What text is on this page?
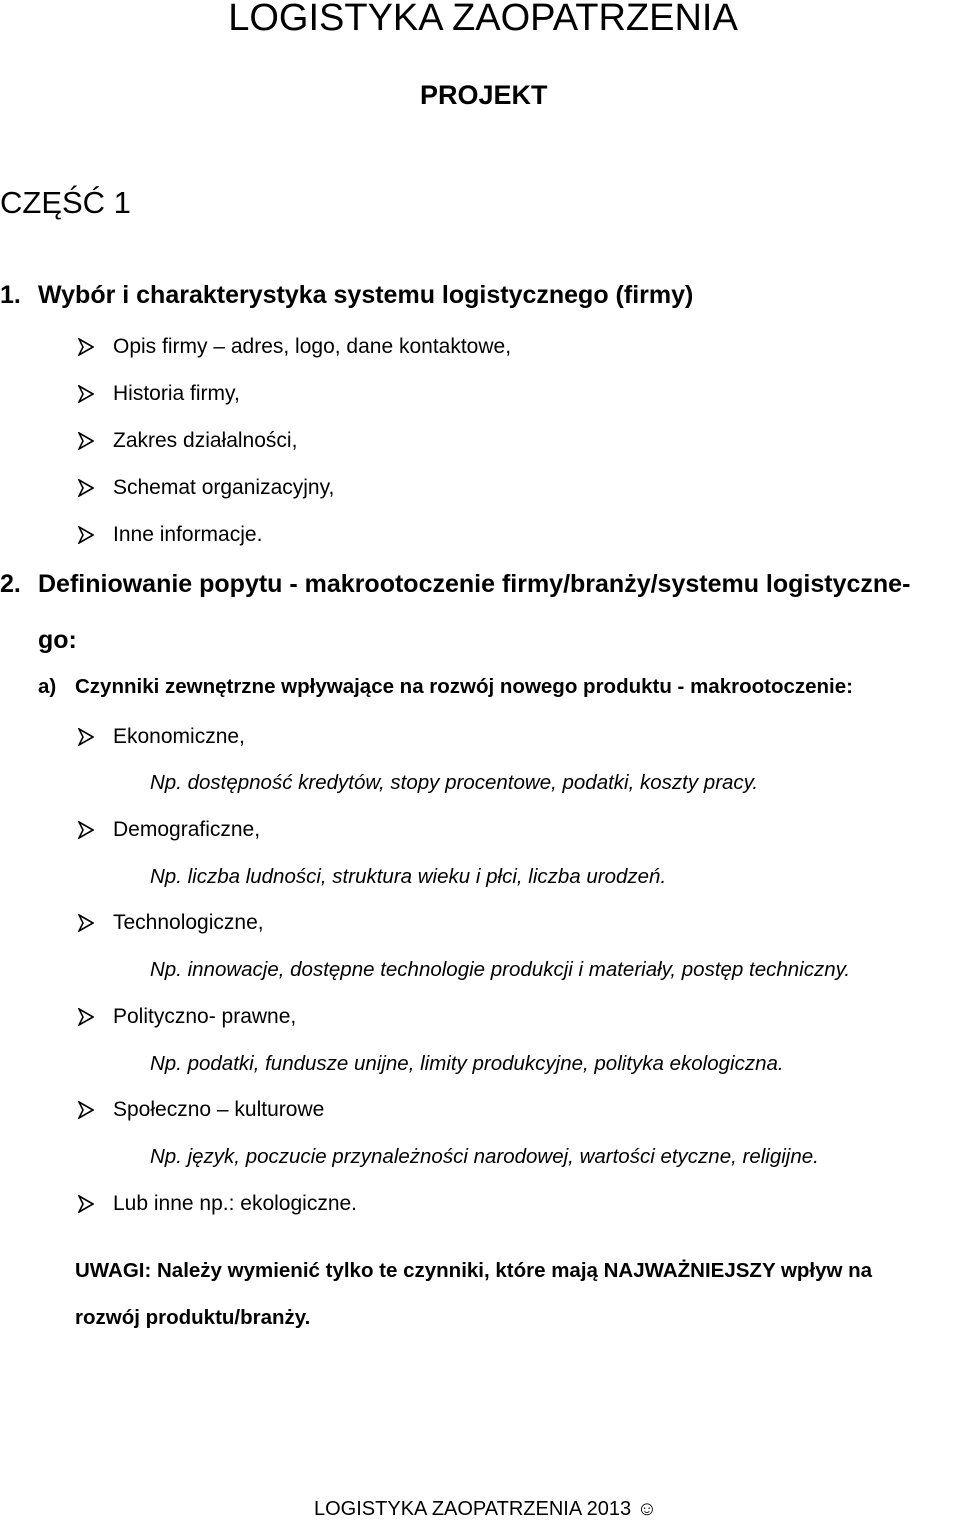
LOGISTYKA ZAOPATRZENIA
PROJEKT
CZĘŚĆ 1
1. Wybór i charakterystyka systemu logistycznego (firmy)
Opis firmy – adres, logo, dane kontaktowe,
Historia firmy,
Zakres działalności,
Schemat organizacyjny,
Inne informacje.
2. Definiowanie popytu - makrootoczenie firmy/branży/systemu logistyczne-
go:
a) Czynniki zewnętrzne wpływające na rozwój nowego produktu - makrootoczenie:
Ekonomiczne,
Np. dostępność kredytów, stopy procentowe, podatki, koszty pracy.
Demograficzne,
Np. liczba ludności, struktura wieku i płci, liczba urodzeń.
Technologiczne,
Np. innowacje, dostępne technologie produkcji i materiały, postęp techniczny.
Polityczno- prawne,
Np. podatki, fundusze unijne, limity produkcyjne, polityka ekologiczna.
Społeczno – kulturowe
Np. język, poczucie przynależności narodowej, wartości etyczne, religijne.
Lub inne np.: ekologiczne.
UWAGI: Należy wymienić tylko te czynniki, które mają NAJWAŻNIEJSZY wpływ na
rozwój produktu/branży.
LOGISTYKA ZAOPATRZENIA 2013 ☺
